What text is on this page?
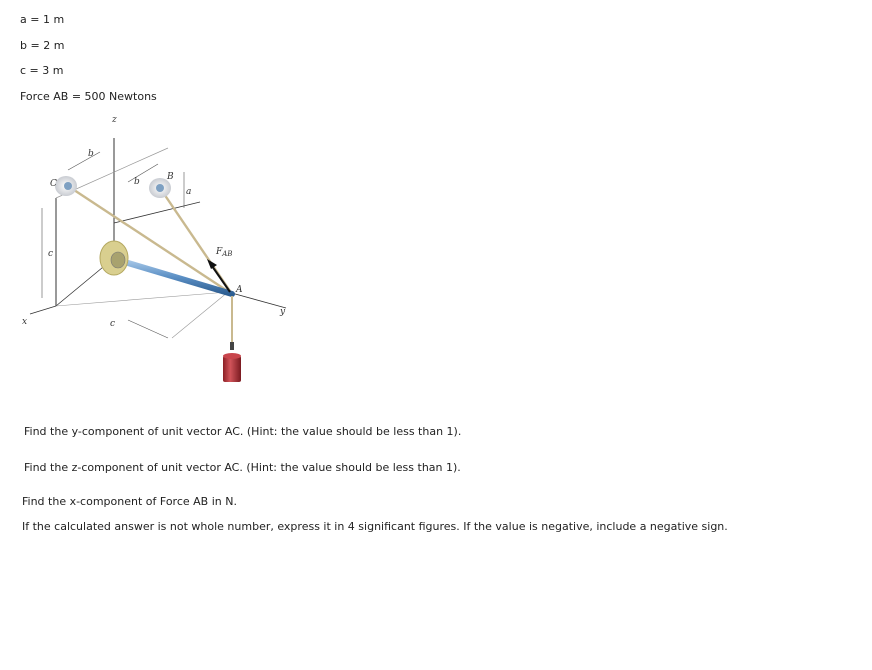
a = 1 m
b = 2 m
c = 3 m
Force AB = 500 Newtons
z
b
C	b	B
a
c	$F_{AB}$
A
y
x	c
Find the y-component of unit vector AC. (Hint: the value should be less than 1).
Find the z-component of unit vector AC. (Hint: the value should be less than 1).
Find the x-component of Force AB in N.
If the calculated answer is not whole number, express it in 4 significant figures. If the value is negative, include a negative sign.
